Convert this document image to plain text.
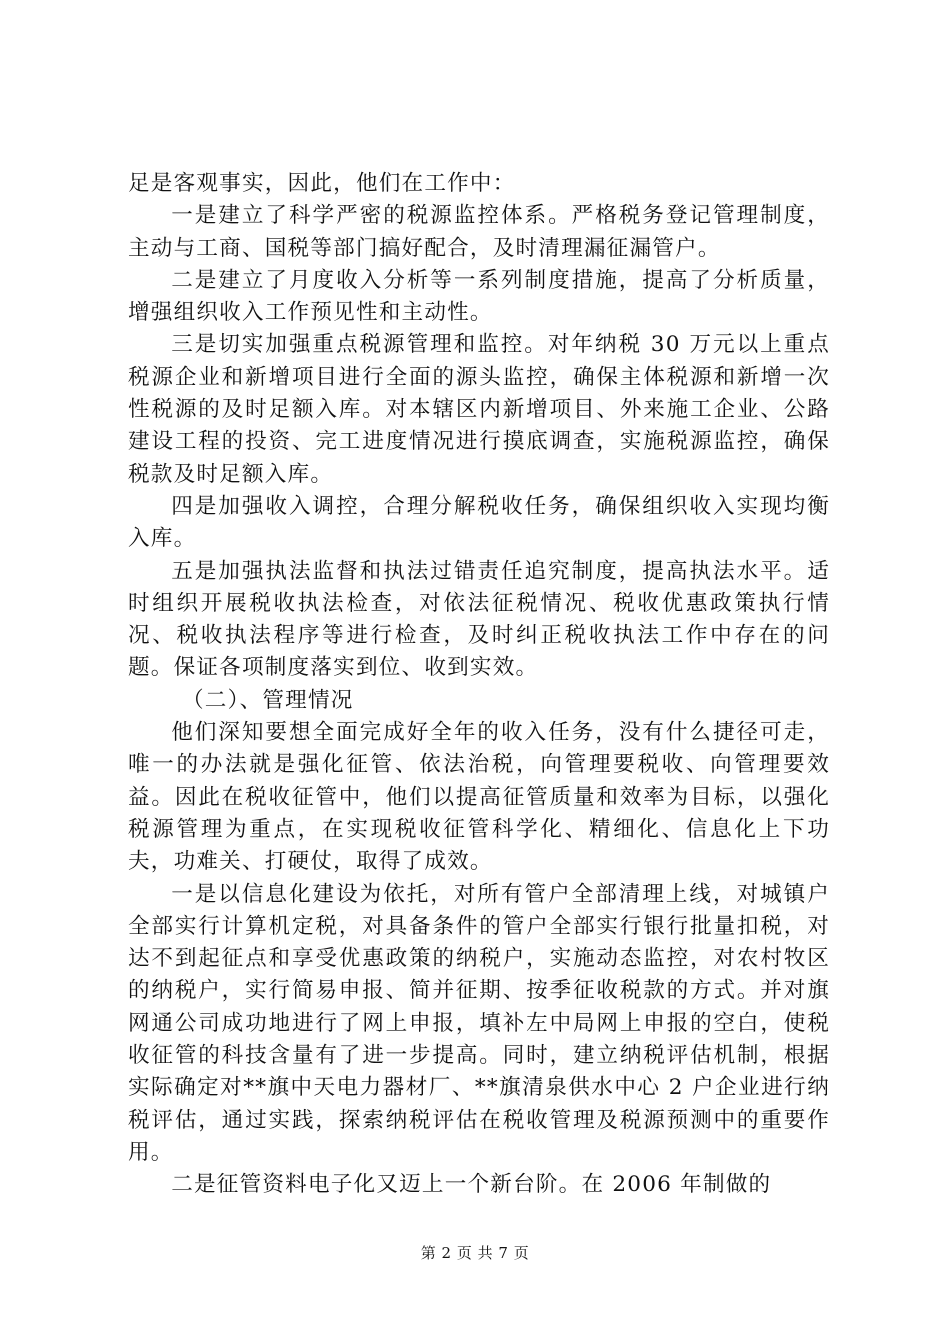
足是客观事实，因此，他们在工作中：

一是建立了科学严密的税源监控体系。严格税务登记管理制度，主动与工商、国税等部门搞好配合，及时清理漏征漏管户。

二是建立了月度收入分析等一系列制度措施，提高了分析质量，增强组织收入工作预见性和主动性。

三是切实加强重点税源管理和监控。对年纳税 30 万元以上重点税源企业和新增项目进行全面的源头监控，确保主体税源和新增一次性税源的及时足额入库。对本辖区内新增项目、外来施工企业、公路建设工程的投资、完工进度情况进行摸底调查，实施税源监控，确保税款及时足额入库。

四是加强收入调控，合理分解税收任务，确保组织收入实现均衡入库。

五是加强执法监督和执法过错责任追究制度，提高执法水平。适时组织开展税收执法检查，对依法征税情况、税收优惠政策执行情况、税收执法程序等进行检查，及时纠正税收执法工作中存在的问题。保证各项制度落实到位、收到实效。

（二）、管理情况

他们深知要想全面完成好全年的收入任务，没有什么捷径可走，唯一的办法就是强化征管、依法治税，向管理要税收、向管理要效益。因此在税收征管中，他们以提高征管质量和效率为目标，以强化税源管理为重点，在实现税收征管科学化、精细化、信息化上下功夫，功难关、打硬仗，取得了成效。

一是以信息化建设为依托，对所有管户全部清理上线，对城镇户全部实行计算机定税，对具备条件的管户全部实行银行批量扣税，对达不到起征点和享受优惠政策的纳税户，实施动态监控，对农村牧区的纳税户，实行简易申报、简并征期、按季征收税款的方式。并对旗网通公司成功地进行了网上申报，填补左中局网上申报的空白，使税收征管的科技含量有了进一步提高。同时，建立纳税评估机制，根据实际确定对**旗中天电力器材厂、**旗清泉供水中心 2 户企业进行纳税评估，通过实践，探索纳税评估在税收管理及税源预测中的重要作用。

二是征管资料电子化又迈上一个新台阶。在 2006 年制做的

第 2 页 共 7 页
